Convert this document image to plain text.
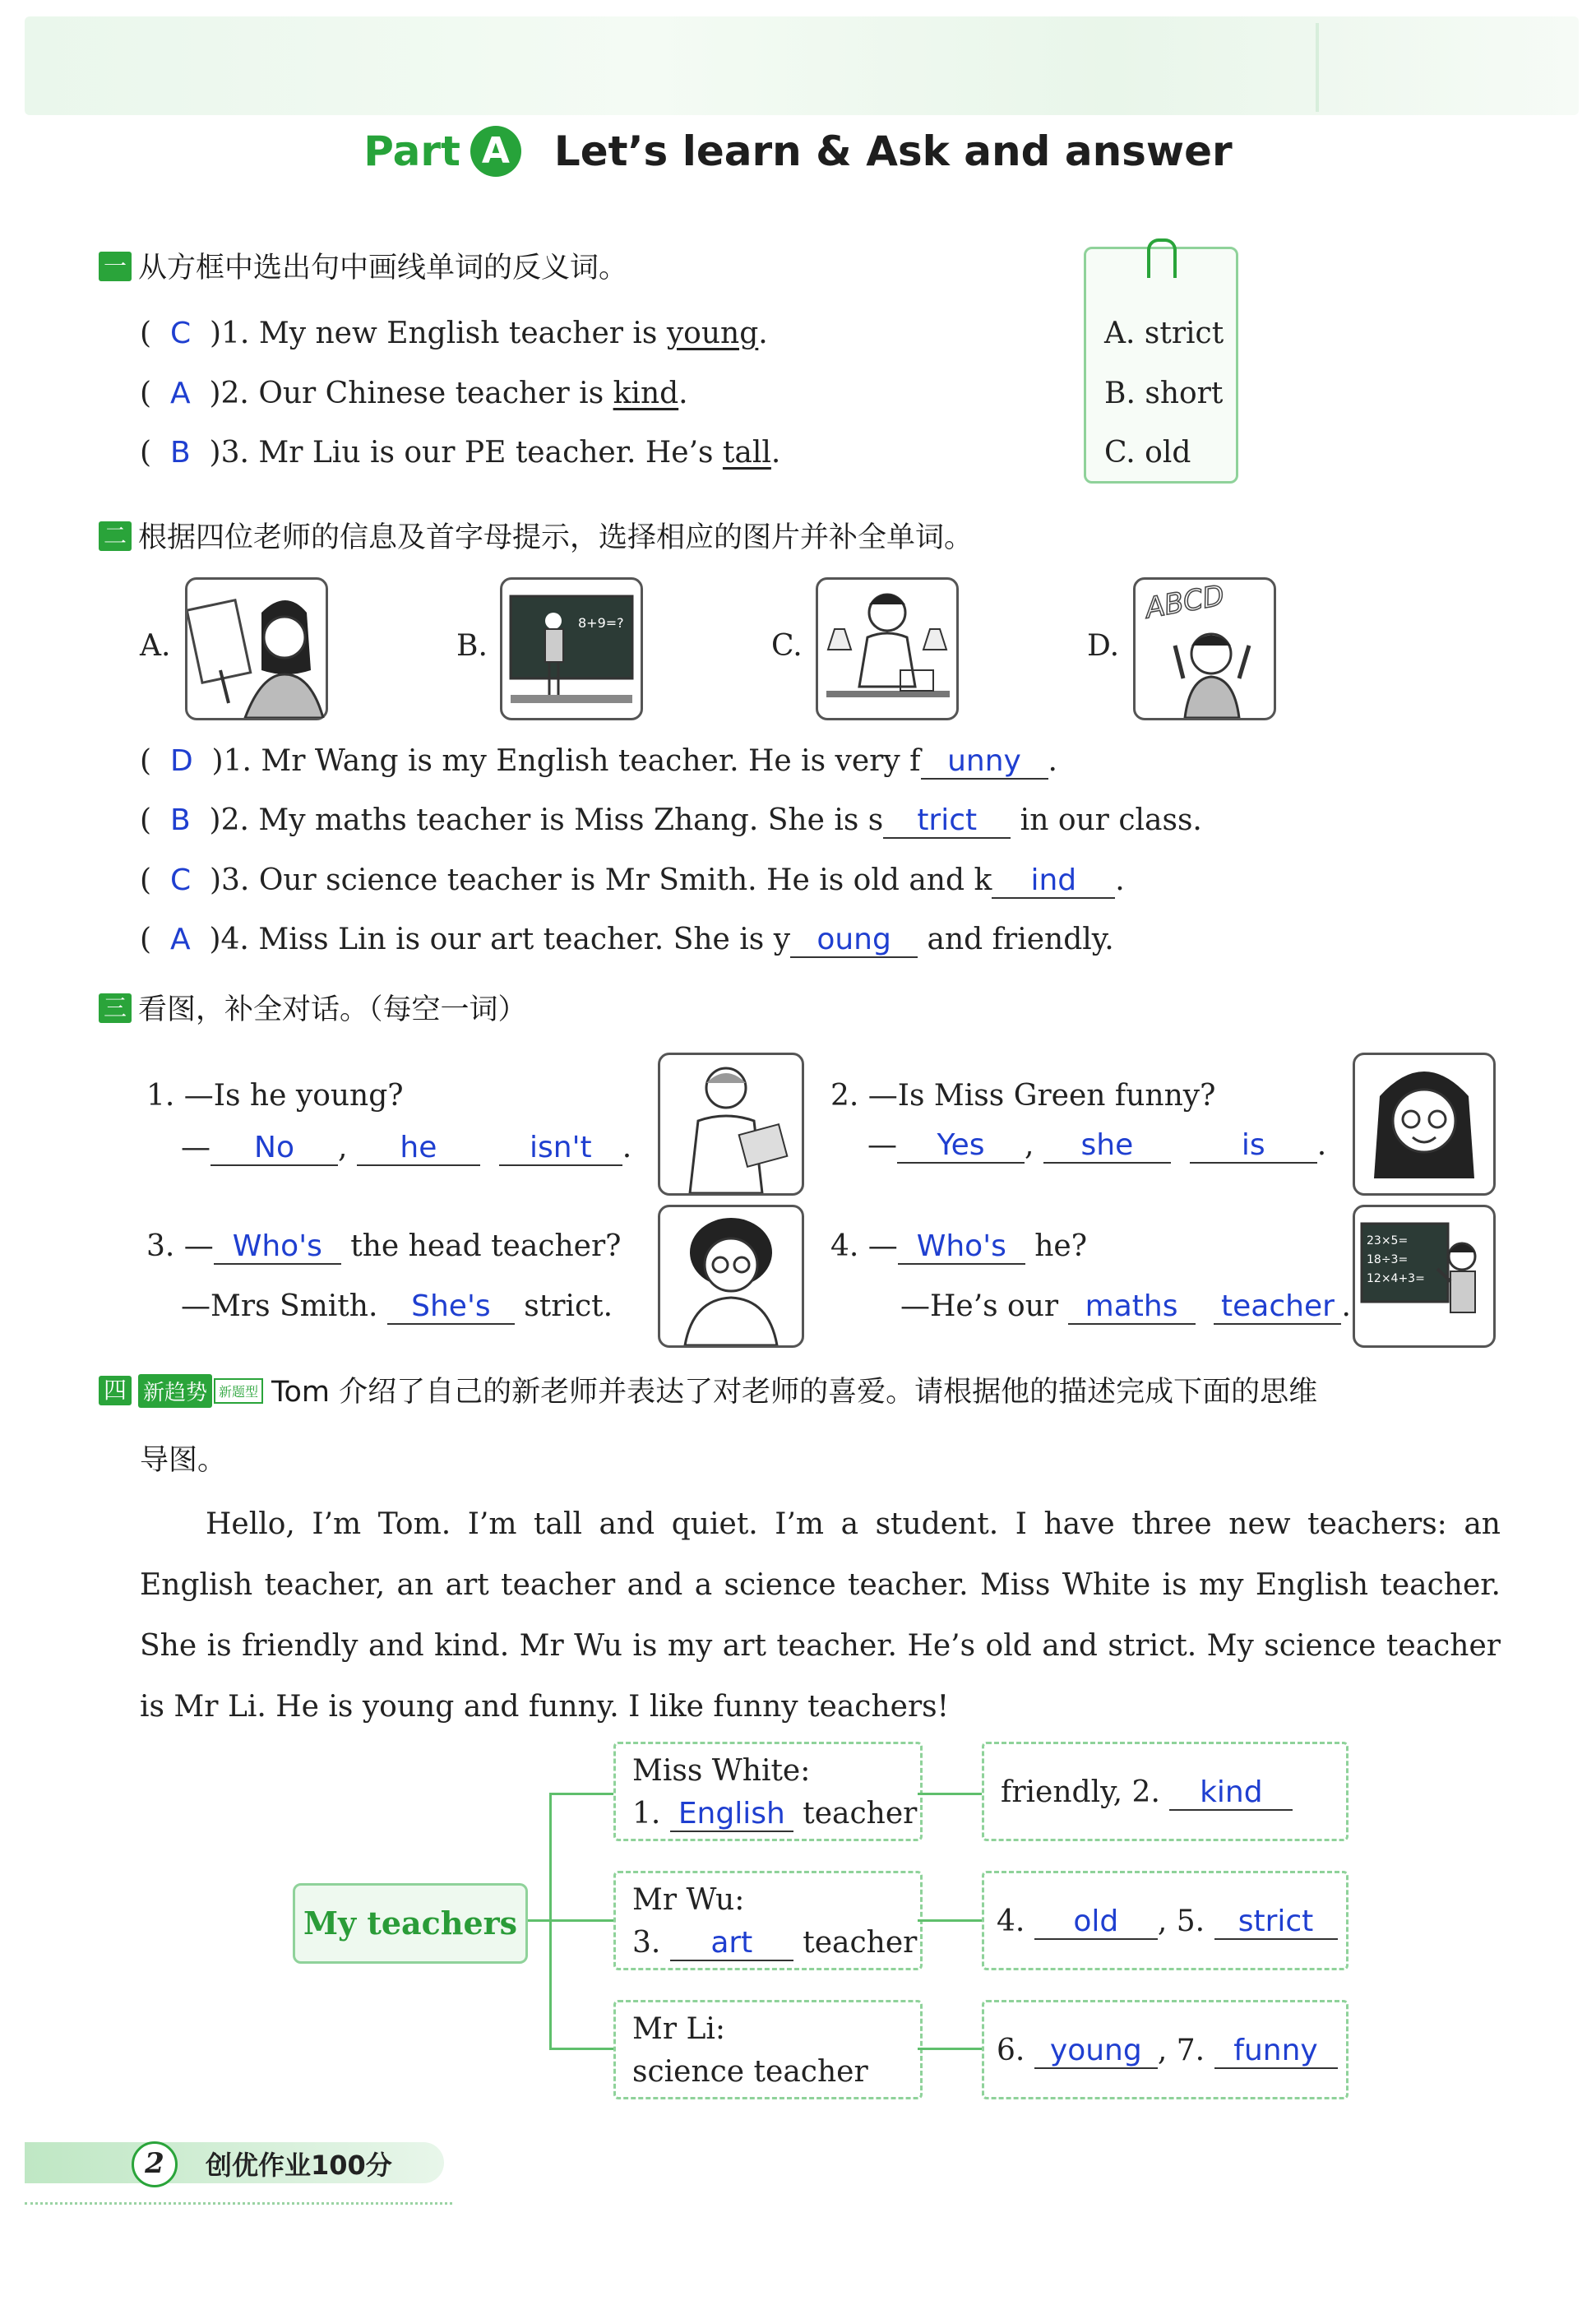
Part A Let’s learn & Ask and answer
一 从方框中选出句中画线单词的反义词。
(  C  )1. My new English teacher is young.
(  A  )2. Our Chinese teacher is kind.
(  B  )3. Mr Liu is our PE teacher. He’s tall.
A. strict
B. short
C. old
二 根据四位老师的信息及首字母提示，选择相应的图片并补全单词。
A.	B.
8+9=?
C.	D.
ABCD
(  D  )1. Mr Wang is my English teacher. He is very f unny .
(  B  )2. My maths teacher is Miss Zhang. She is s trict in our class.
(  C  )3. Our science teacher is Mr Smith. He is old and k ind .
(  A  )4. Miss Lin is our art teacher. She is y oung and friendly.
三 看图，补全对话。（每空一词）
1. —Is he young?
— No , he	isn't .
2. —Is Miss Green funny?
— Yes , she	is .
3. — Who's the head teacher?
—Mrs Smith. She's strict.
4. — Who's he?
—He’s our maths teacher .
23×5=
18÷3=
12×4+3=
四 新趋势 新题型 Tom 介绍了自己的新老师并表达了对老师的喜爱。请根据他的描述完成下面的思维
导图。
Hello, I’m Tom. I’m tall and quiet. I’m a student. I have three new teachers: an English teacher, an art teacher and a science teacher. Miss White is my English teacher. She is friendly and kind. Mr Wu is my art teacher. He’s old and strict. My science teacher is Mr Li. He is young and funny. I like funny teachers!
My teachers
Miss White:
1. English teacher
friendly, 2. kind
Mr Wu:
3. art teacher
4. old , 5. strict
Mr Li:
science teacher
6. young , 7. funny
2	创优作业100分
